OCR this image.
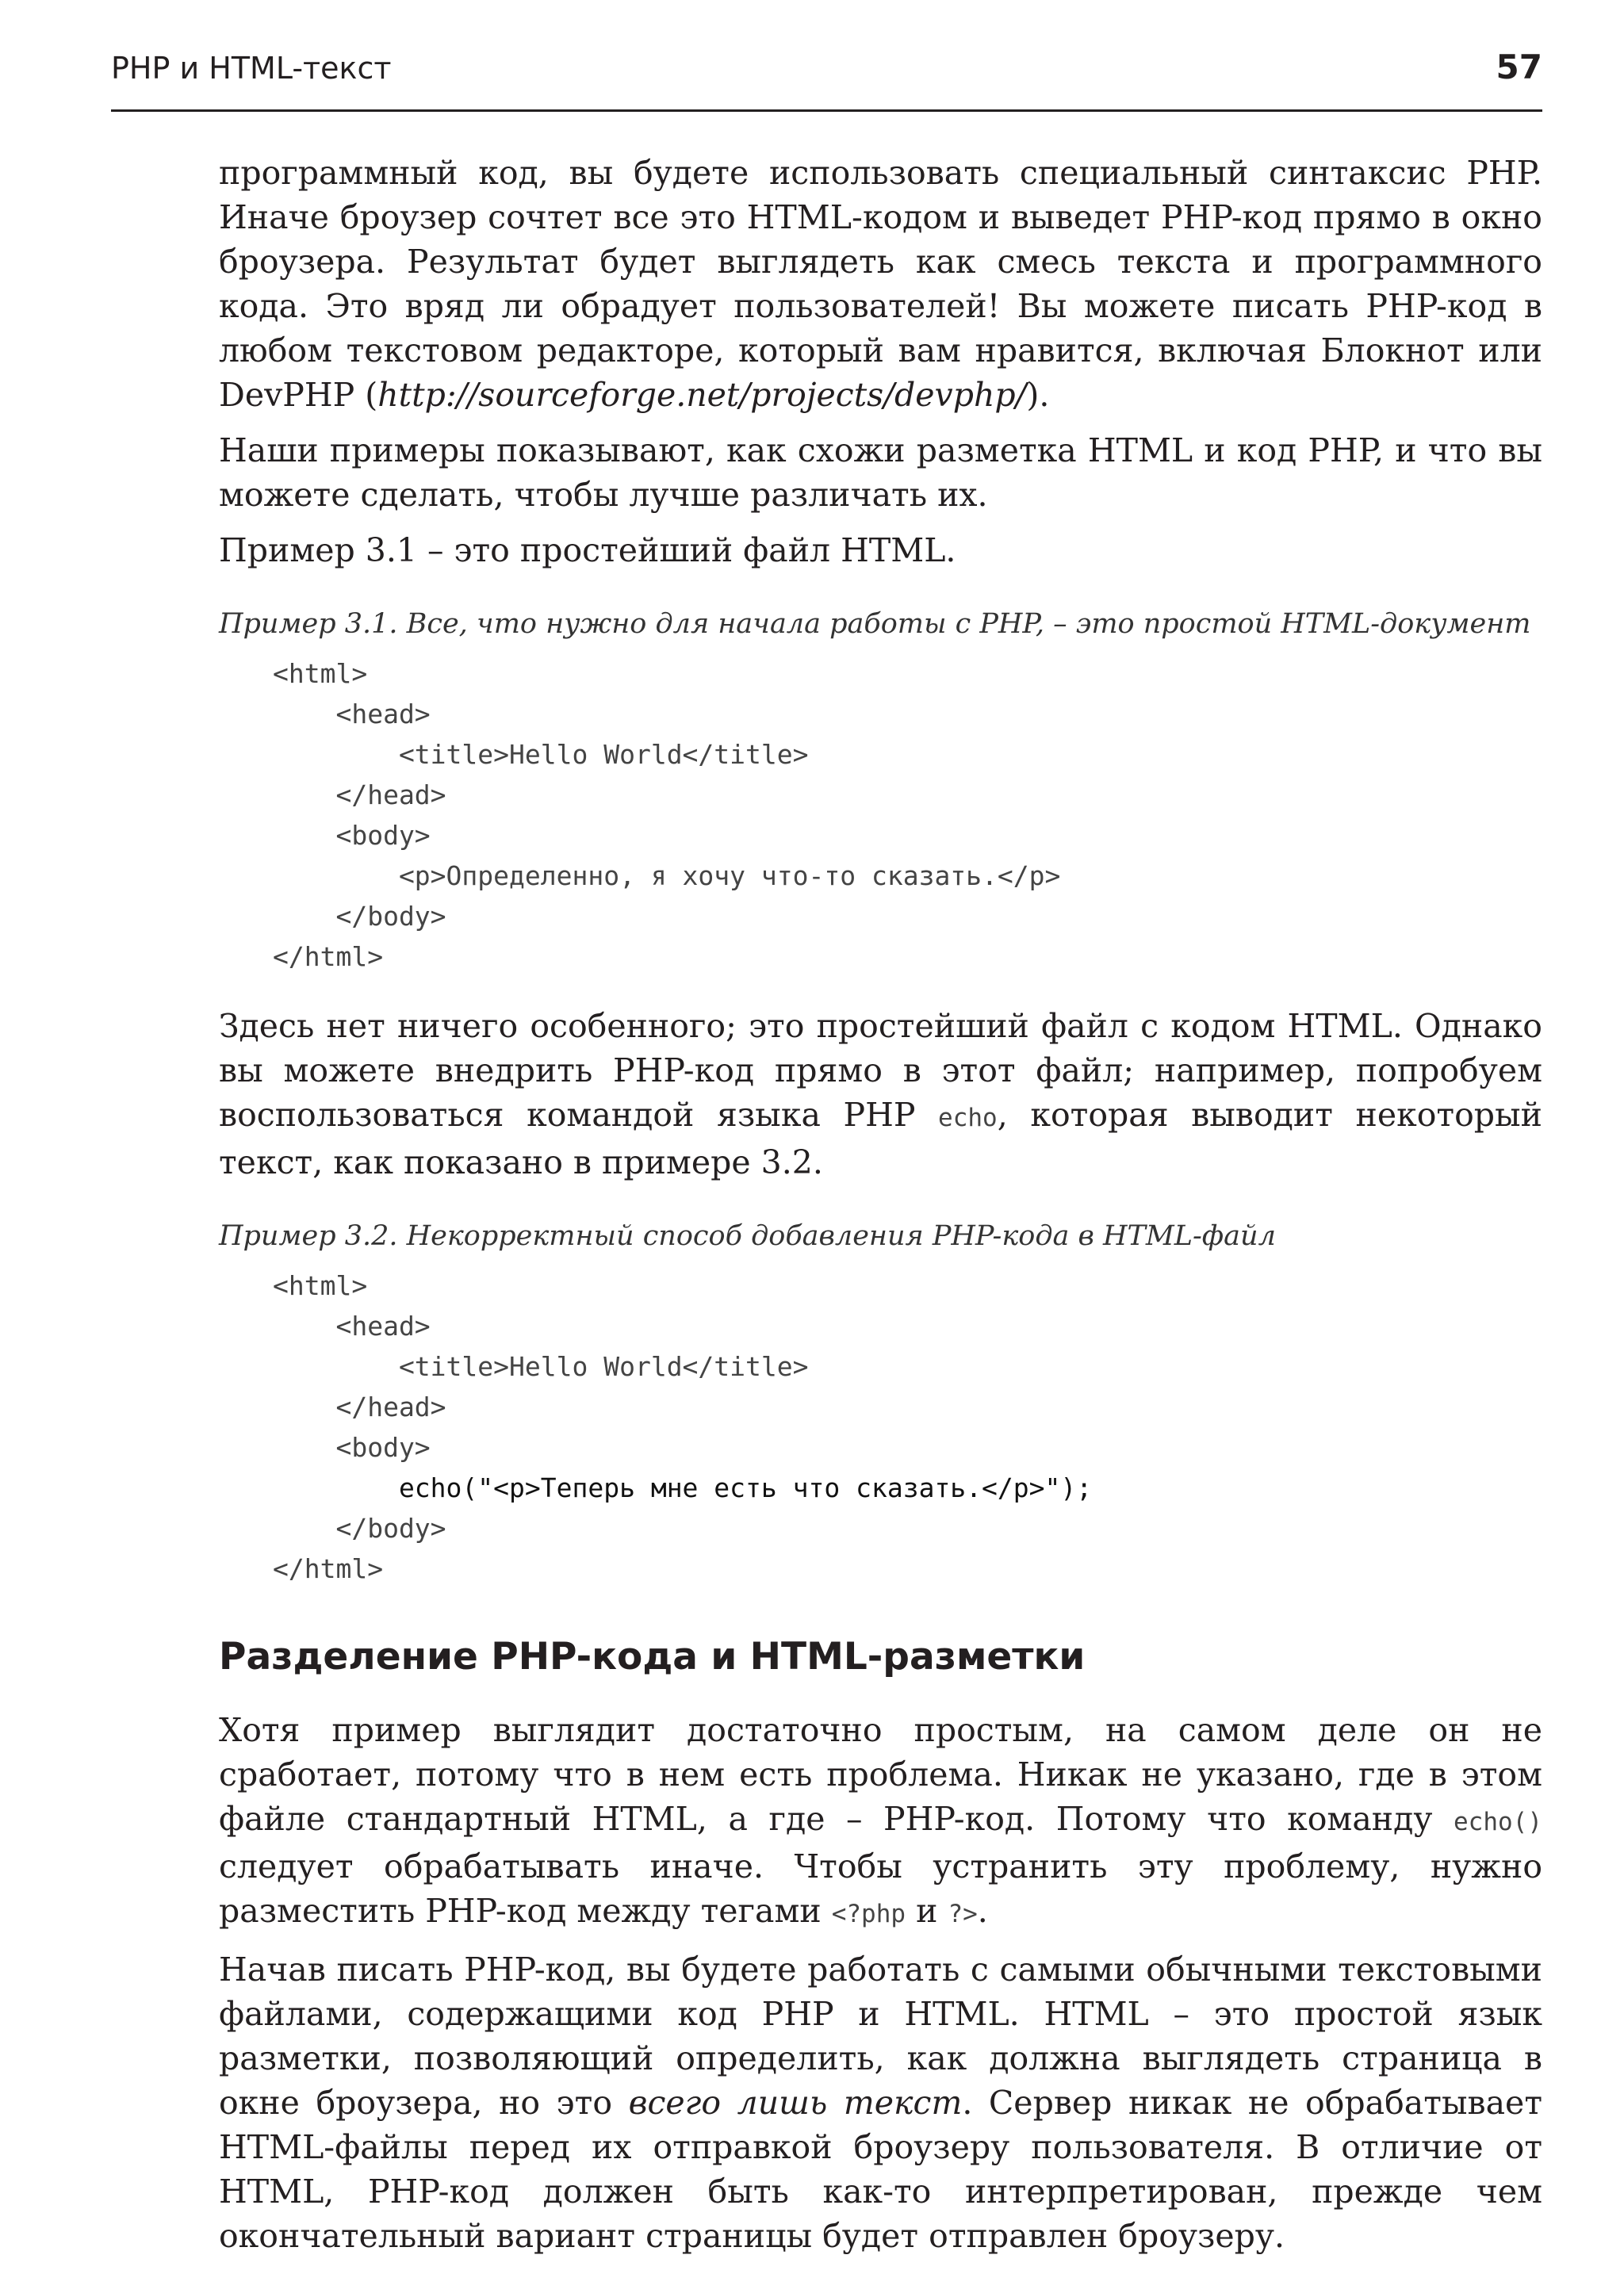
PHP и HTML-текст	57

программный код, вы будете использовать специальный синтаксис PHP. Иначе броузер сочтет все это HTML-кодом и выведет PHP-код прямо в окно броузера. Результат будет выглядеть как смесь текста и программного кода. Это вряд ли обрадует пользователей! Вы можете писать PHP-код в любом текстовом редакторе, который вам нравится, включая Блокнот или DevPHP (http://sourceforge.net/projects/devphp/).

Наши примеры показывают, как схожи разметка HTML и код PHP, и что вы можете сделать, чтобы лучше различать их.

Пример 3.1 – это простейший файл HTML.

Пример 3.1. Все, что нужно для начала работы с PHP, – это простой HTML-документ

<html>
<head>
<title>Hello World</title>
</head>
<body>
<p>Определенно, я хочу что-то сказать.</p>
</body>
</html>

Здесь нет ничего особенного; это простейший файл с кодом HTML. Однако вы можете внедрить PHP-код прямо в этот файл; например, попробуем воспользоваться командой языка PHP echo, которая выводит некоторый текст, как показано в примере 3.2.

Пример 3.2. Некорректный способ добавления PHP-кода в HTML-файл

<html>
<head>
<title>Hello World</title>
</head>
<body>
echo("<p>Теперь мне есть что сказать.</p>");
</body>
</html>
Разделение PHP-кода и HTML-разметки

Хотя пример выглядит достаточно простым, на самом деле он не сработает, потому что в нем есть проблема. Никак не указано, где в этом файле стандартный HTML, а где – PHP-код. Потому что команду echo() следует обрабатывать иначе. Чтобы устранить эту проблему, нужно разместить PHP-код между тегами <?php и ?>.

Начав писать PHP-код, вы будете работать с самыми обычными текстовыми файлами, содержащими код PHP и HTML. HTML – это простой язык разметки, позволяющий определить, как должна выглядеть страница в окне броузера, но это всего лишь текст. Сервер никак не обрабатывает HTML-файлы перед их отправкой броузеру пользователя. В отличие от HTML, PHP-код должен быть как-то интерпретирован, прежде чем окончательный вариант страницы будет отправлен броузеру.
